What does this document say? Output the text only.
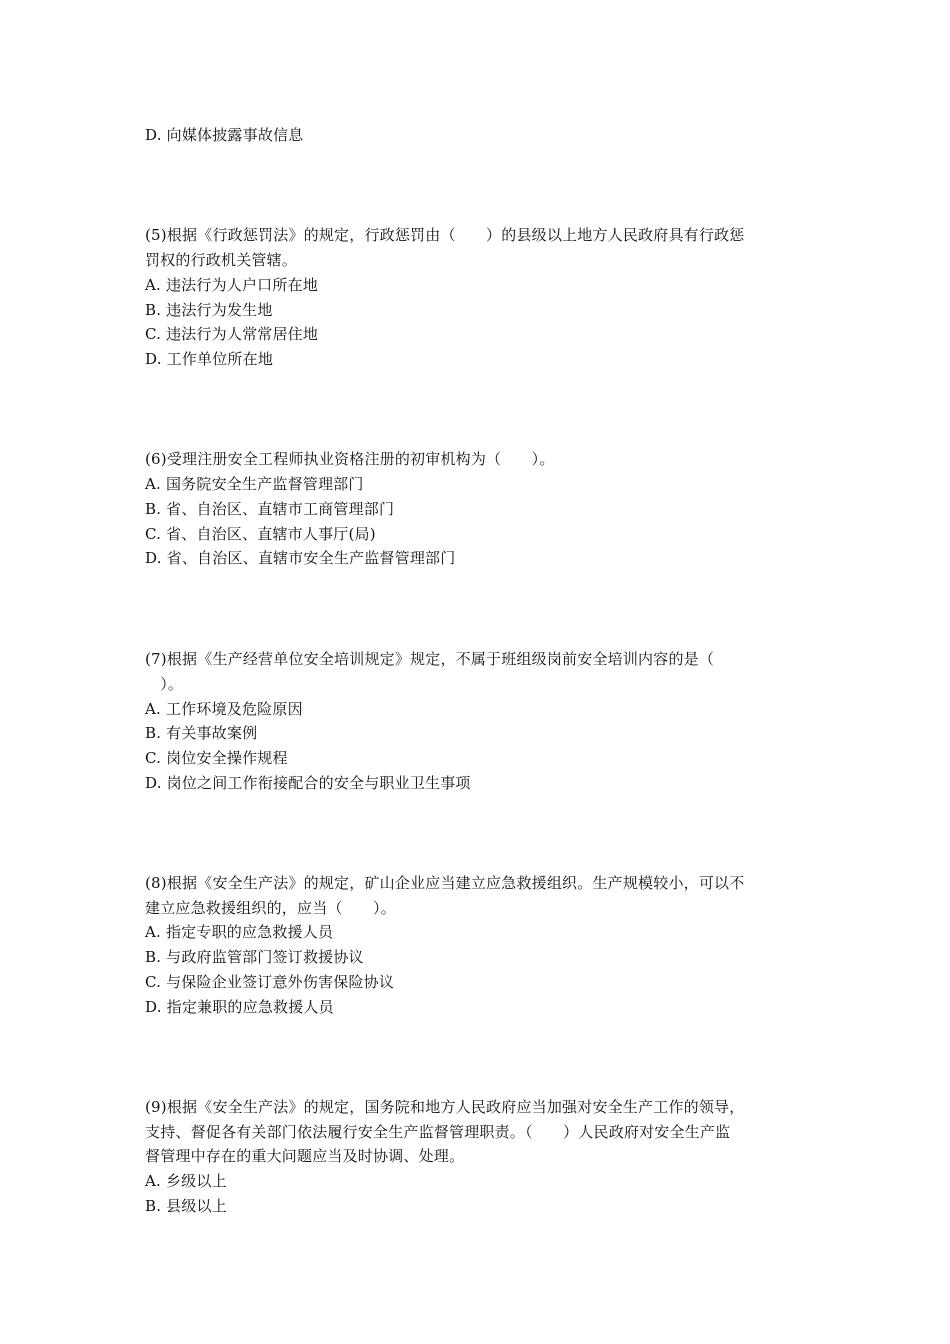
D. 向媒体披露事故信息
(5)根据《行政惩罚法》的规定，行政惩罚由（　　）的县级以上地方人民政府具有行政惩
罚权的行政机关管辖。
A. 违法行为人户口所在地
B. 违法行为发生地
C. 违法行为人常常居住地
D. 工作单位所在地
(6)受理注册安全工程师执业资格注册的初审机构为（　　）。
A. 国务院安全生产监督管理部门
B. 省、自治区、直辖市工商管理部门
C. 省、自治区、直辖市人事厅(局)
D. 省、自治区、直辖市安全生产监督管理部门
(7)根据《生产经营单位安全培训规定》规定，不属于班组级岗前安全培训内容的是（
　）。
A. 工作环境及危险原因
B. 有关事故案例
C. 岗位安全操作规程
D. 岗位之间工作衔接配合的安全与职业卫生事项
(8)根据《安全生产法》的规定，矿山企业应当建立应急救援组织。生产规模较小，可以不
建立应急救援组织的，应当（　　）。
A. 指定专职的应急救援人员
B. 与政府监管部门签订救援协议
C. 与保险企业签订意外伤害保险协议
D. 指定兼职的应急救援人员
(9)根据《安全生产法》的规定，国务院和地方人民政府应当加强对安全生产工作的领导，
支持、督促各有关部门依法履行安全生产监督管理职责。（　　）人民政府对安全生产监
督管理中存在的重大问题应当及时协调、处理。
A. 乡级以上
B. 县级以上
